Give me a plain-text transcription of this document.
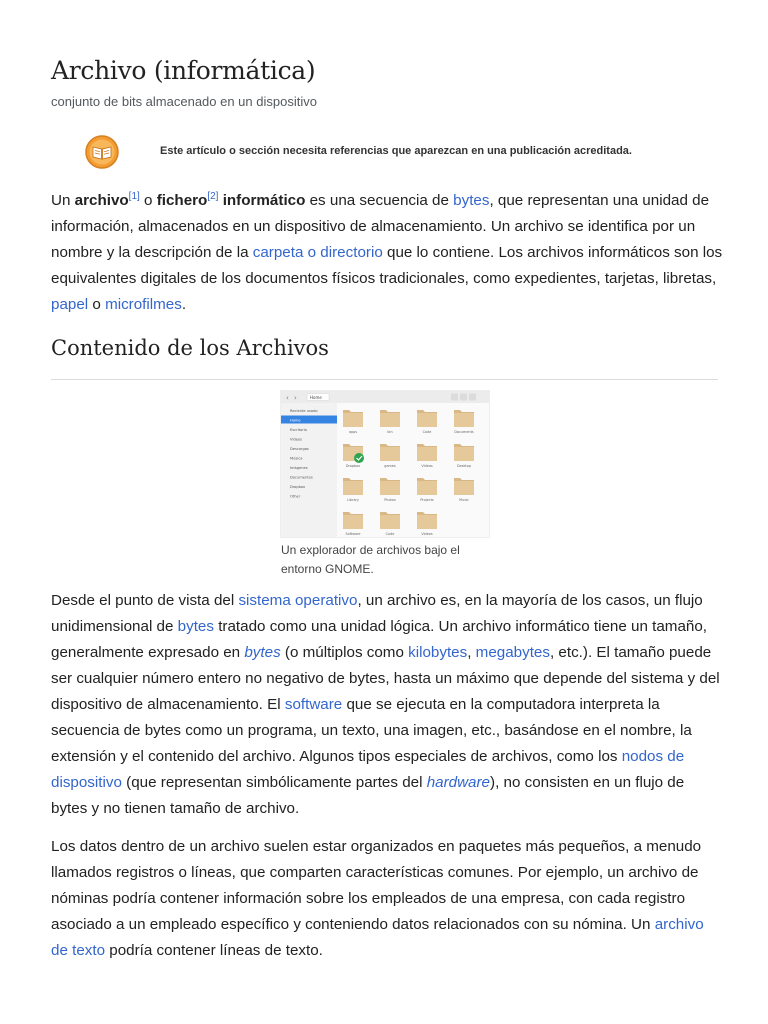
Archivo (informática)
conjunto de bits almacenado en un dispositivo
Este artículo o sección necesita referencias que aparezcan en una publicación acreditada.

Un archivo[1] o fichero[2] informático es una secuencia de bytes, que representan una unidad de información, almacenados en un dispositivo de almacenamiento. Un archivo se identifica por un nombre y la descripción de la carpeta o directorio que lo contiene. Los archivos informáticos son los equivalentes digitales de los documentos físicos tradicionales, como expedientes, tarjetas, libretas, papel o microfilmes.

Contenido de los Archivos
‹ ›	Home
Reciente usado
Home
Escritorio
Vídeos
Descargas
Música
Imágenes
Documentos
Dropbox
Other
apps	bin	Code	Documents
Dropbox	games	Vídeos	Desktop
Library	Photos	Projects	Music
Software	Code	Videos
Un explorador de archivos bajo el entorno GNOME.

Desde el punto de vista del sistema operativo, un archivo es, en la mayoría de los casos, un flujo unidimensional de bytes tratado como una unidad lógica. Un archivo informático tiene un tamaño, generalmente expresado en bytes (o múltiplos como kilobytes, megabytes, etc.). El tamaño puede ser cualquier número entero no negativo de bytes, hasta un máximo que depende del sistema y del dispositivo de almacenamiento. El software que se ejecuta en la computadora interpreta la secuencia de bytes como un programa, un texto, una imagen, etc., basándose en el nombre, la extensión y el contenido del archivo. Algunos tipos especiales de archivos, como los nodos de dispositivo (que representan simbólicamente partes del hardware), no consisten en un flujo de bytes y no tienen tamaño de archivo.

Los datos dentro de un archivo suelen estar organizados en paquetes más pequeños, a menudo llamados registros o líneas, que comparten características comunes. Por ejemplo, un archivo de nóminas podría contener información sobre los empleados de una empresa, con cada registro asociado a un empleado específico y conteniendo datos relacionados con su nómina. Un archivo de texto podría contener líneas de texto.
